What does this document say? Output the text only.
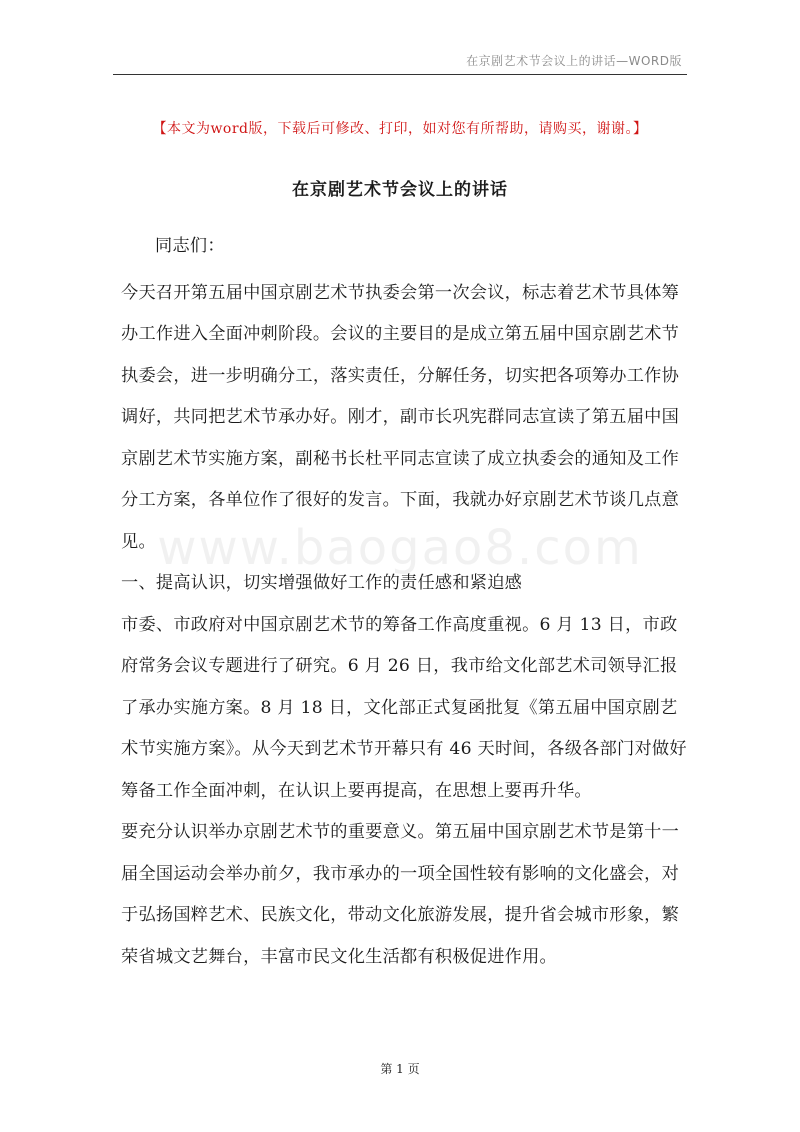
在京剧艺术节会议上的讲话—WORD版
【本文为word版，下载后可修改、打印，如对您有所帮助，请购买，谢谢。】
在京剧艺术节会议上的讲话

同志们：

今天召开第五届中国京剧艺术节执委会第一次会议，标志着艺术节具体筹办工作进入全面冲刺阶段。会议的主要目的是成立第五届中国京剧艺术节执委会，进一步明确分工，落实责任，分解任务，切实把各项筹办工作协调好，共同把艺术节承办好。刚才，副市长巩宪群同志宣读了第五届中国京剧艺术节实施方案，副秘书长杜平同志宣读了成立执委会的通知及工作分工方案，各单位作了很好的发言。下面，我就办好京剧艺术节谈几点意见。

一、提高认识，切实增强做好工作的责任感和紧迫感

市委、市政府对中国京剧艺术节的筹备工作高度重视。6 月 13 日，市政府常务会议专题进行了研究。6 月 26 日，我市给文化部艺术司领导汇报了承办实施方案。8 月 18 日，文化部正式复函批复《第五届中国京剧艺术节实施方案》。从今天到艺术节开幕只有 46 天时间，各级各部门对做好筹备工作全面冲刺，在认识上要再提高，在思想上要再升华。

要充分认识举办京剧艺术节的重要意义。第五届中国京剧艺术节是第十一届全国运动会举办前夕，我市承办的一项全国性较有影响的文化盛会，对于弘扬国粹艺术、民族文化，带动文化旅游发展，提升省会城市形象，繁荣省城文艺舞台，丰富市民文化生活都有积极促进作用。

www.baogao8.com
第 1 页
